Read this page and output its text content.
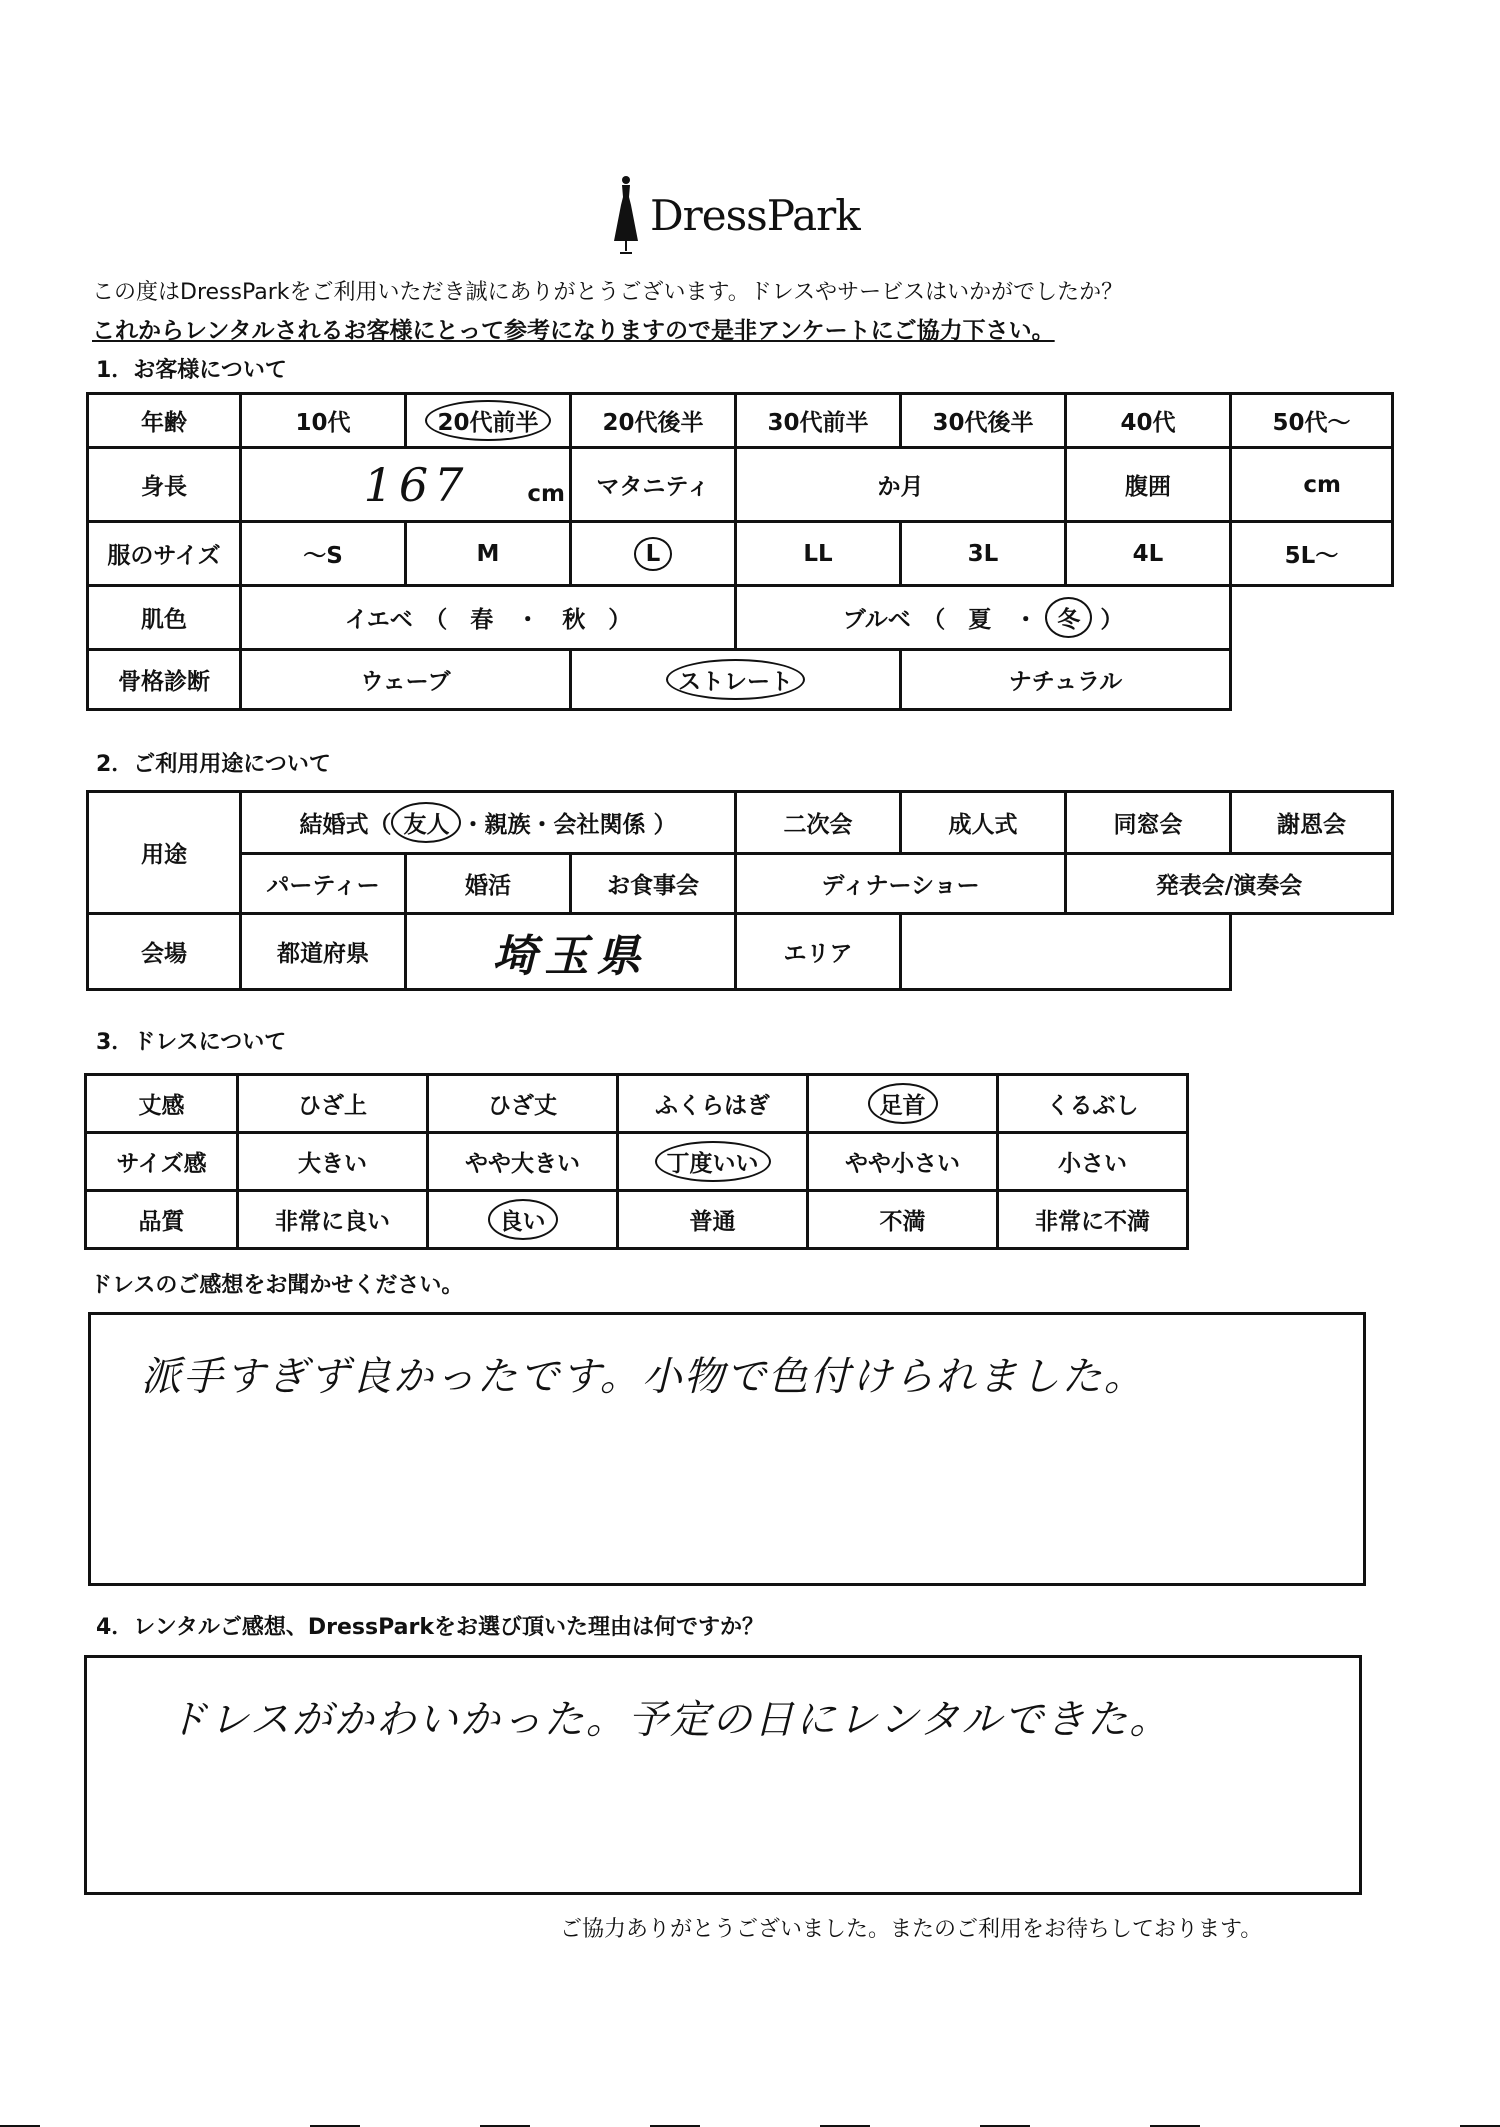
DressPark
この度はDressParkをご利用いただき誠にありがとうございます。ドレスやサービスはいかがでしたか？
これからレンタルされるお客様にとって参考になりますので是非アンケートにご協力下さい。
1．お客様について
年齢	10代	20代前半	20代後半	30代前半	30代後半	40代	50代～
身長	167 cm		マタニティ	か月		腹囲	cm
服のサイズ	～S	M	L	LL	3L	4L	5L～
肌色	イエベ　（　春　・　秋　）			ブルベ　（　夏　・ 冬 ）			
骨格診断	ウェーブ		ストレート		ナチュラル		
2．ご利用用途について
用途	結婚式（ 友人 ・親族・会社関係 ）			二次会	成人式	同窓会	謝恩会
	パーティー	婚活	お食事会	ディナーショー		発表会/演奏会	
会場	都道府県	埼玉県		エリア			
3．ドレスについて
丈感	ひざ上	ひざ丈	ふくらはぎ	足首	くるぶし
サイズ感	大きい	やや大きい	丁度いい	やや小さい	小さい
品質	非常に良い	良い	普通	不満	非常に不満
ドレスのご感想をお聞かせください。
派手すぎず良かったです。小物で色付けられました。
4．レンタルご感想、DressParkをお選び頂いた理由は何ですか？
ドレスがかわいかった。予定の日にレンタルできた。
ご協力ありがとうございました。またのご利用をお待ちしております。
